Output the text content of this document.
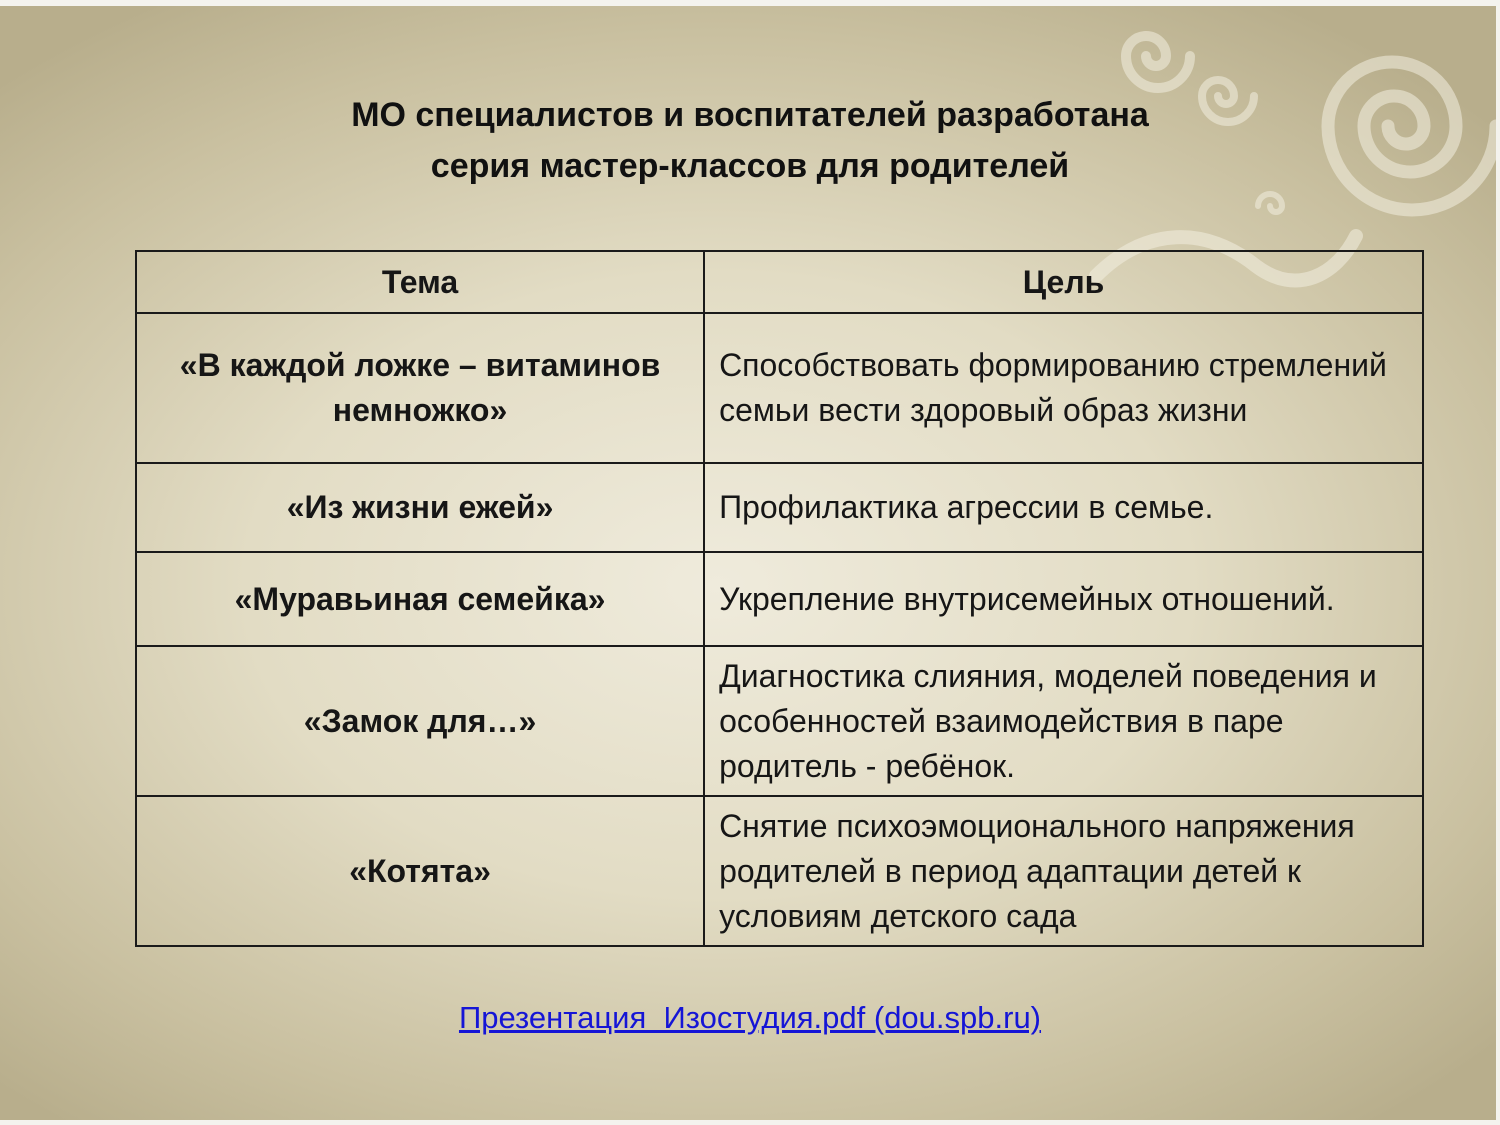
МО специалистов и воспитателей разработана
серия мастер-классов для родителей
Тема	Цель
«В каждой ложке – витаминов немножко»	Способствовать формированию стремлений семьи вести здоровый образ жизни
«Из жизни ежей»	Профилактика агрессии в семье.
«Муравьиная семейка»	Укрепление внутрисемейных отношений.
«Замок для…»	Диагностика слияния, моделей поведения и особенностей взаимодействия в паре родитель - ребёнок.
«Котята»	Снятие психоэмоционального напряжения родителей в период адаптации детей к условиям детского сада
Презентация  Изостудия.pdf (dou.spb.ru)
